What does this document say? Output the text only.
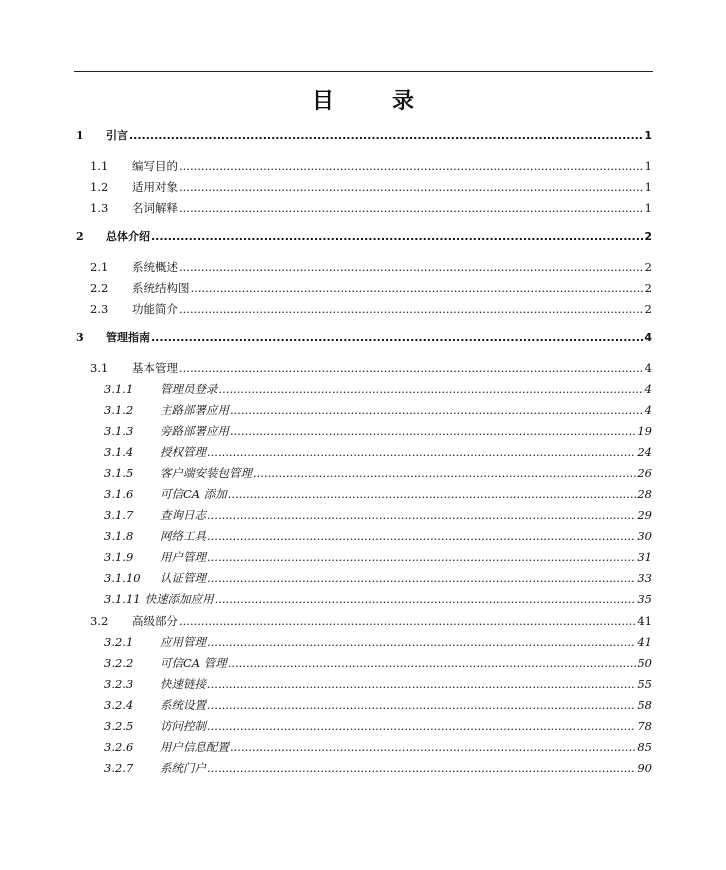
目	录
1	引言 .....	1
1.1	编写目的 .....	1
1.2	适用对象 .....	1
1.3	名词解释 .....	1
2	总体介绍 .....	2
2.1	系统概述 .....	2
2.2	系统结构图 .....	2
2.3	功能简介 .....	2
3	管理指南 .....	4
3.1	基本管理 .....	4
3.1.1	管理员登录 .....	4
3.1.2	主路部署应用 .....	4
3.1.3	旁路部署应用 .....	19
3.1.4	授权管理 .....	24
3.1.5	客户端安装包管理 .....	26
3.1.6	可信CA 添加 .....	28
3.1.7	查询日志 .....	29
3.1.8	网络工具 .....	30
3.1.9	用户管理 .....	31
3.1.10	认证管理 .....	33
3.1.11 快速添加应用 .....	35
3.2	高级部分 .....	41
3.2.1	应用管理 .....	41
3.2.2	可信CA 管理 .....	50
3.2.3	快速链接 .....	55
3.2.4	系统设置 .....	58
3.2.5	访问控制 .....	78
3.2.6	用户信息配置 .....	85
3.2.7	系统门户 .....	90
